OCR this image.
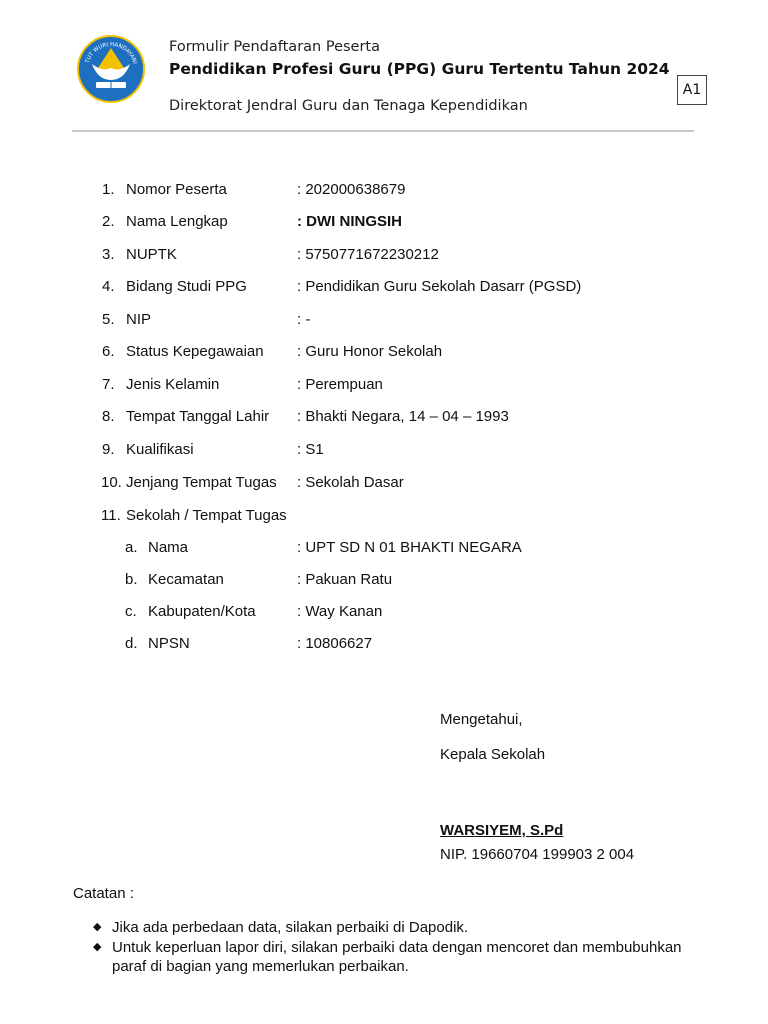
TUT WURI HANDAYANI
Formulir Pendaftaran Peserta
Pendidikan Profesi Guru (PPG) Guru Tertentu Tahun 2024
Direktorat Jendral Guru dan Tenaga Kependidikan
A1
1. Nomor Peserta	: 202000638679
2. Nama Lengkap	: DWI NINGSIH
3. NUPTK	: 5750771672230212
4. Bidang Studi PPG	: Pendidikan Guru Sekolah Dasarr (PGSD)
5. NIP	: -
6. Status Kepegawaian : Guru Honor Sekolah
7. Jenis Kelamin	: Perempuan
8. Tempat Tanggal Lahir : Bhakti Negara, 14 – 04 – 1993
9. Kualifikasi	: S1
10. Jenjang Tempat Tugas : Sekolah Dasar
11. Sekolah / Tempat Tugas
a. Nama	: UPT SD N 01 BHAKTI NEGARA
b. Kecamatan	: Pakuan Ratu
c. Kabupaten/Kota	: Way Kanan
d. NPSN	: 10806627
Mengetahui,
Kepala Sekolah
WARSIYEM, S.Pd
NIP. 19660704 199903 2 004
Catatan :
◆ Jika ada perbedaan data, silakan perbaiki di Dapodik.
◆ Untuk keperluan lapor diri, silakan perbaiki data dengan mencoret dan membubuhkan paraf di bagian yang memerlukan perbaikan.
